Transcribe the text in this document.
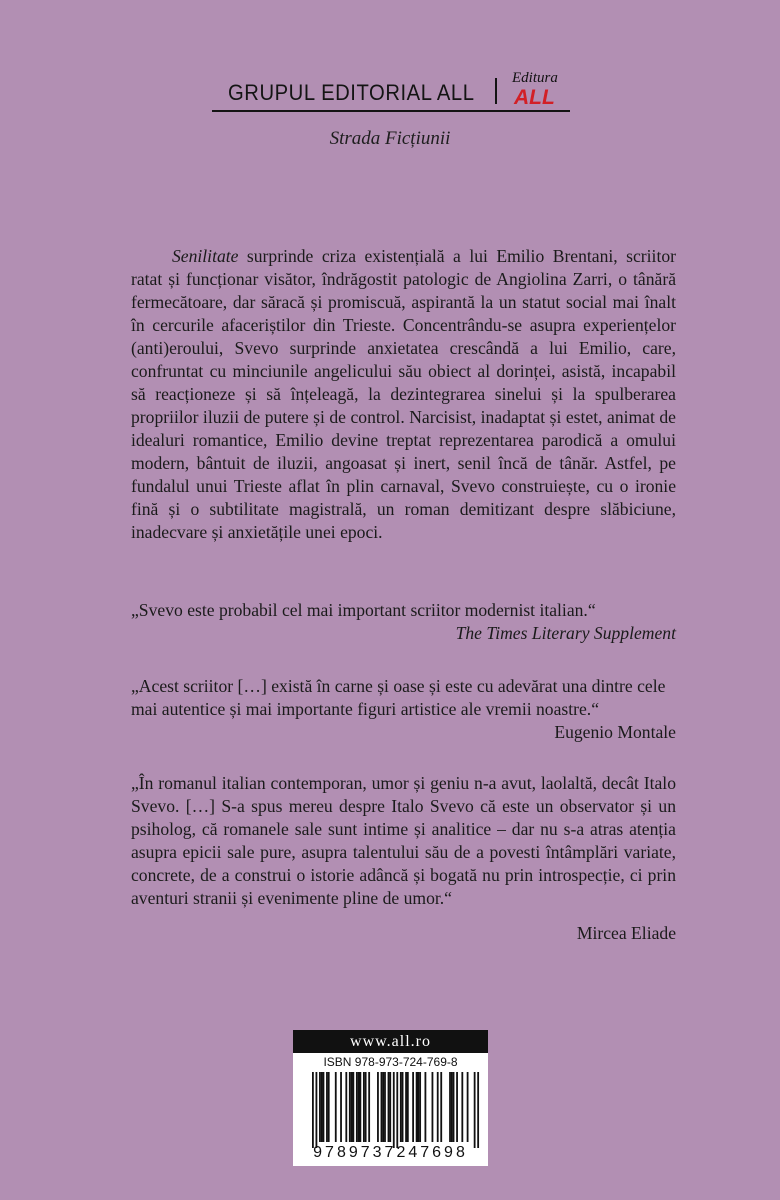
GRUPUL EDITORIAL ALL
Editura
ALL
Strada Ficțiunii

Senilitate surprinde criza existențială a lui Emilio Brentani, scriitor ratat și funcționar visător, îndrăgostit patologic de Angiolina Zarri, o tânără fermecătoare, dar săracă și promiscuă, aspirantă la un statut social mai înalt în cercurile afaceriștilor din Trieste. Concentrându-se asupra experiențelor (anti)eroului, Svevo surprinde anxietatea crescândă a lui Emilio, care, confruntat cu minciunile angelicului său obiect al dorinței, asistă, incapabil să reacționeze și să înțeleagă, la dezintegrarea sinelui și la spulberarea propriilor iluzii de putere și de control. Narcisist, inadaptat și estet, animat de idealuri romantice, Emilio devine treptat reprezentarea parodică a omului modern, bântuit de iluzii, angoasat și inert, senil încă de tânăr. Astfel, pe fundalul unui Trieste aflat în plin carnaval, Svevo construiește, cu o ironie fină și o subtilitate magistrală, un roman demitizant despre slăbiciune, inadecvare și anxietățile unei epoci.

„Svevo este probabil cel mai important scriitor modernist italian.“

The Times Literary Supplement

„Acest scriitor […] există în carne și oase și este cu adevărat una dintre cele mai autentice și mai importante figuri artistice ale vremii noastre.“

Eugenio Montale

„În romanul italian contemporan, umor și geniu n-a avut, laolaltă, decât Italo Svevo. […] S-a spus mereu despre Italo Svevo că este un observator și un psiholog, că romanele sale sunt intime și analitice – dar nu s-a atras atenția asupra epicii sale pure, asupra talentului său de a povesti întâmplări variate, concrete, de a construi o istorie adâncă și bogată nu prin introspecție, ci prin aventuri stranii și evenimente pline de umor.“

Mircea Eliade

www.all.ro
ISBN 978-973-724-769-8
9789737247698
